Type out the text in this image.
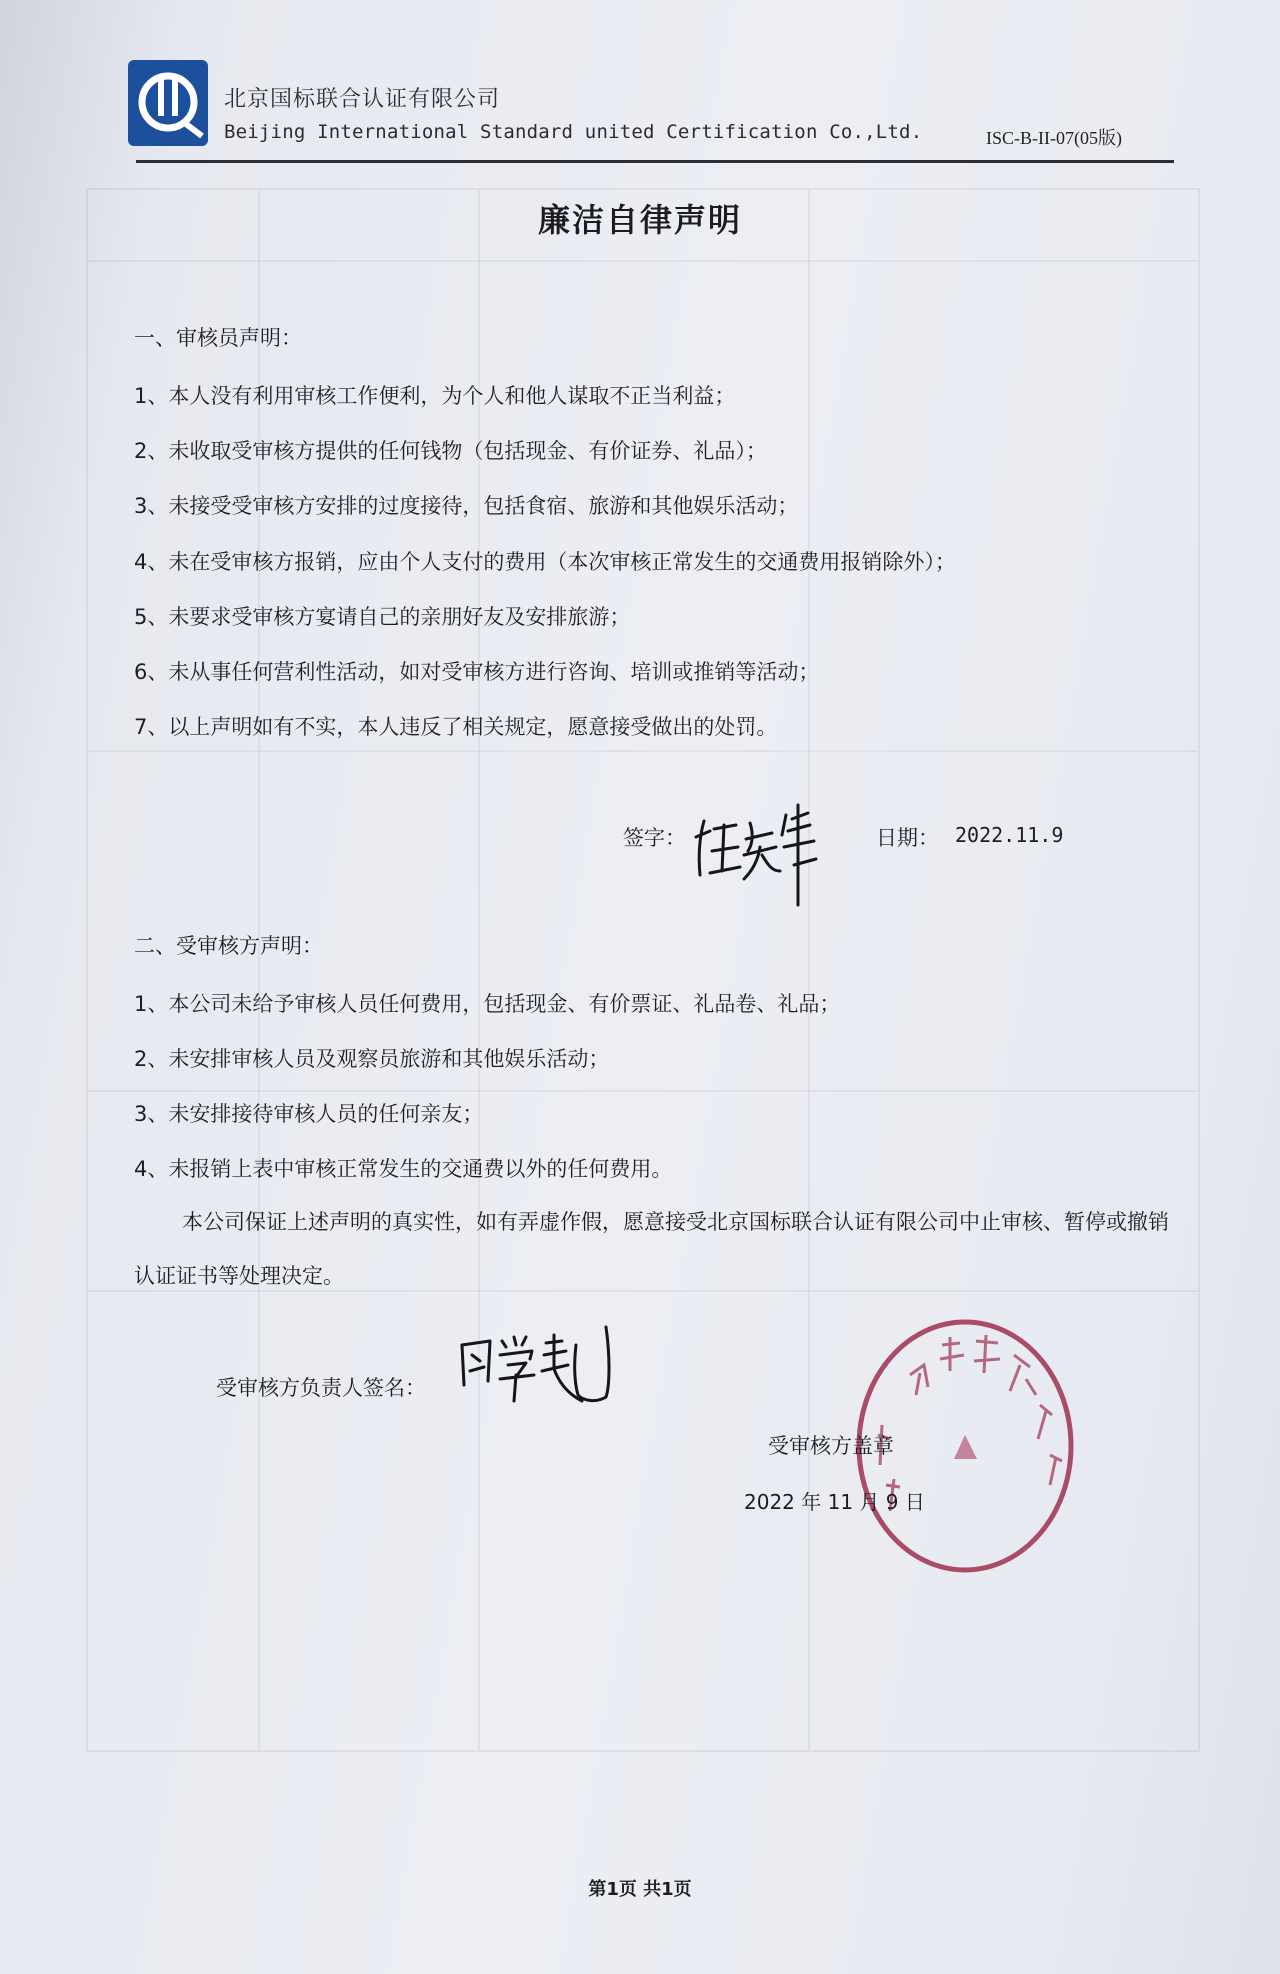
北京国标联合认证有限公司
Beijing International Standard united Certification Co.,Ltd.	ISC-B-II-07(05版)
廉洁自律声明
一、审核员声明：
1、本人没有利用审核工作便利，为个人和他人谋取不正当利益；
2、未收取受审核方提供的任何钱物（包括现金、有价证券、礼品）；
3、未接受受审核方安排的过度接待，包括食宿、旅游和其他娱乐活动；
4、未在受审核方报销，应由个人支付的费用（本次审核正常发生的交通费用报销除外）；
5、未要求受审核方宴请自己的亲朋好友及安排旅游；
6、未从事任何营利性活动，如对受审核方进行咨询、培训或推销等活动；
7、以上声明如有不实，本人违反了相关规定，愿意接受做出的处罚。
签字：	日期： 2022.11.9
二、受审核方声明：
1、本公司未给予审核人员任何费用，包括现金、有价票证、礼品卷、礼品；
2、未安排审核人员及观察员旅游和其他娱乐活动；
3、未安排接待审核人员的任何亲友；
4、未报销上表中审核正常发生的交通费以外的任何费用。

本公司保证上述声明的真实性，如有弄虚作假，愿意接受北京国标联合认证有限公司中止审核、暂停或撤销认证证书等处理决定。

受审核方负责人签名：
受审核方盖章
2022 年 11 月 9 日
第1页 共1页
